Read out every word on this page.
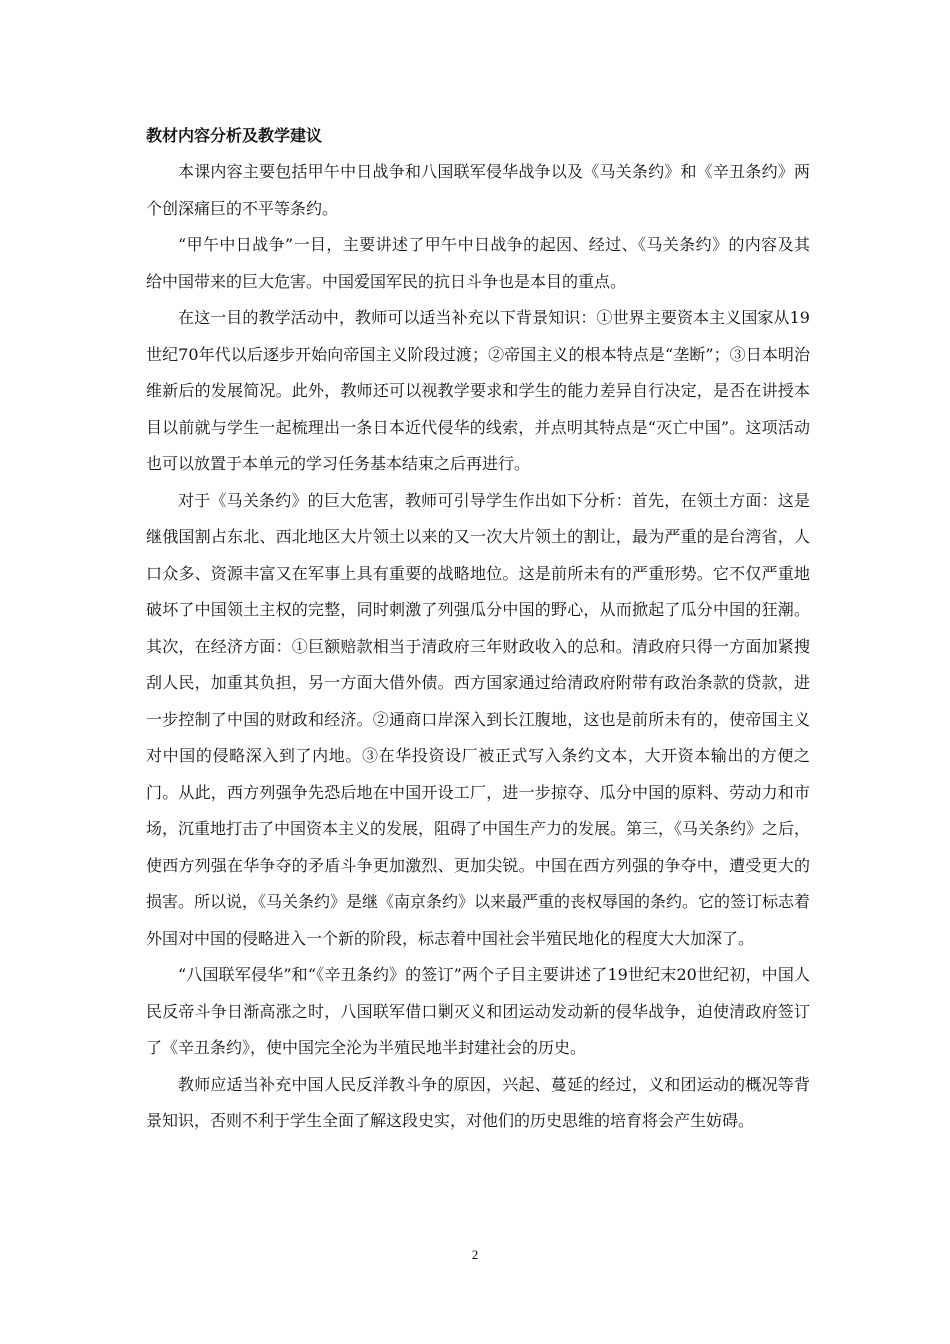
教材内容分析及教学建议

本课内容主要包括甲午中日战争和八国联军侵华战争以及《马关条约》和《辛丑条约》两个创深痛巨的不平等条约。

“甲午中日战争”一目，主要讲述了甲午中日战争的起因、经过、《马关条约》的内容及其给中国带来的巨大危害。中国爱国军民的抗日斗争也是本目的重点。

在这一目的教学活动中，教师可以适当补充以下背景知识：①世界主要资本主义国家从19世纪70年代以后逐步开始向帝国主义阶段过渡；②帝国主义的根本特点是“垄断”；③日本明治维新后的发展简况。此外，教师还可以视教学要求和学生的能力差异自行决定，是否在讲授本目以前就与学生一起梳理出一条日本近代侵华的线索，并点明其特点是“灭亡中国”。这项活动也可以放置于本单元的学习任务基本结束之后再进行。

对于《马关条约》的巨大危害，教师可引导学生作出如下分析：首先，在领土方面：这是继俄国割占东北、西北地区大片领土以来的又一次大片领土的割让，最为严重的是台湾省，人口众多、资源丰富又在军事上具有重要的战略地位。这是前所未有的严重形势。它不仅严重地破坏了中国领土主权的完整，同时刺激了列强瓜分中国的野心，从而掀起了瓜分中国的狂潮。其次，在经济方面：①巨额赔款相当于清政府三年财政收入的总和。清政府只得一方面加紧搜刮人民，加重其负担，另一方面大借外债。西方国家通过给清政府附带有政治条款的贷款，进一步控制了中国的财政和经济。②通商口岸深入到长江腹地，这也是前所未有的，使帝国主义对中国的侵略深入到了内地。③在华投资设厂被正式写入条约文本，大开资本输出的方便之门。从此，西方列强争先恐后地在中国开设工厂，进一步掠夺、瓜分中国的原料、劳动力和市场，沉重地打击了中国资本主义的发展，阻碍了中国生产力的发展。第三，《马关条约》之后，使西方列强在华争夺的矛盾斗争更加激烈、更加尖锐。中国在西方列强的争夺中，遭受更大的损害。所以说，《马关条约》是继《南京条约》以来最严重的丧权辱国的条约。它的签订标志着外国对中国的侵略进入一个新的阶段，标志着中国社会半殖民地化的程度大大加深了。

“八国联军侵华”和“《辛丑条约》的签订”两个子目主要讲述了19世纪末20世纪初，中国人民反帝斗争日渐高涨之时，八国联军借口剿灭义和团运动发动新的侵华战争，迫使清政府签订了《辛丑条约》，使中国完全沦为半殖民地半封建社会的历史。

教师应适当补充中国人民反洋教斗争的原因，兴起、蔓延的经过，义和团运动的概况等背景知识，否则不利于学生全面了解这段史实，对他们的历史思维的培育将会产生妨碍。

2
